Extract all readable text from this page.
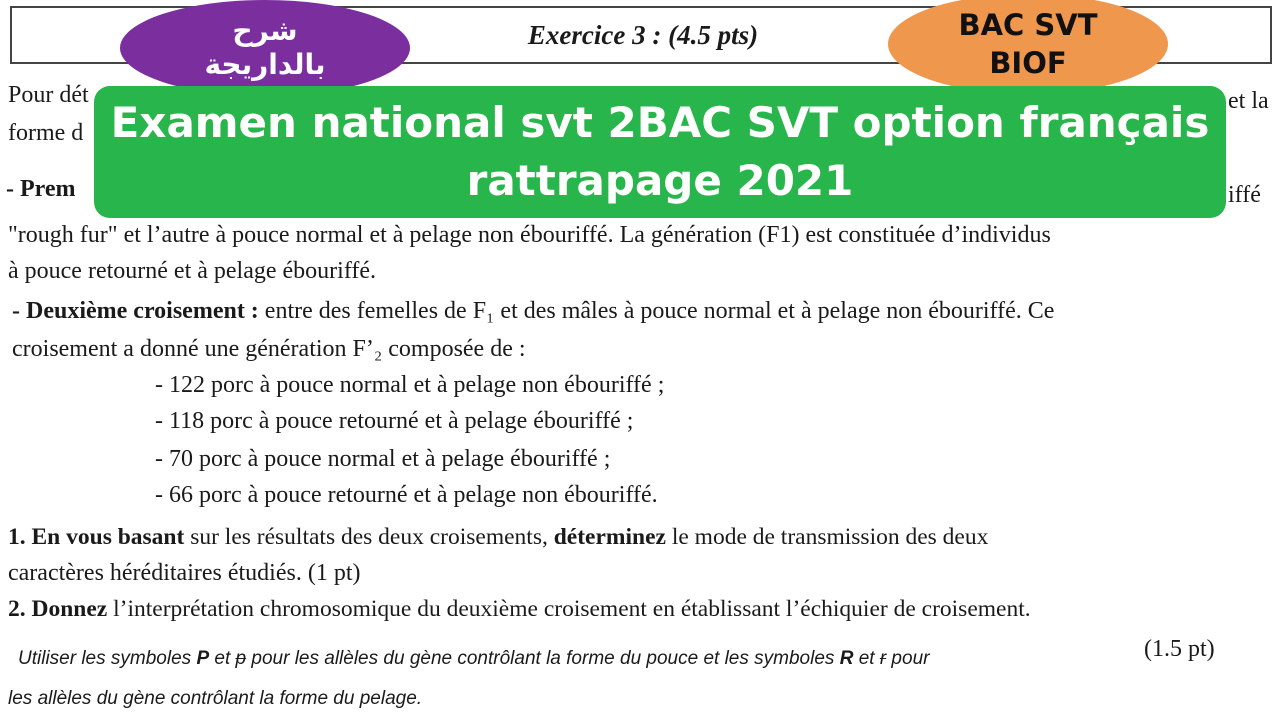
Exercice 3 : (4.5 pts)
Pour dét	et la
forme d
- Prem	iffé
"rough fur" et l’autre à pouce normal et à pelage non ébouriffé. La génération (F1) est constituée d’individus
à pouce retourné et à pelage ébouriffé.
- Deuxième croisement : entre des femelles de F₁ et des mâles à pouce normal et à pelage non ébouriffé. Ce
croisement a donné une génération F’₂ composée de :
- 122 porc à pouce normal et à pelage non ébouriffé ;
- 118 porc à pouce retourné et à pelage ébouriffé ;
- 70 porc à pouce normal et à pelage ébouriffé ;
- 66 porc à pouce retourné et à pelage non ébouriffé.
1. En vous basant sur les résultats des deux croisements, déterminez le mode de transmission des deux
caractères héréditaires étudiés. (1 pt)
2. Donnez l’interprétation chromosomique du deuxième croisement en établissant l’échiquier de croisement.
(1.5 pt)
Utiliser les symboles P et p pour les allèles du gène contrôlant la forme du pouce et les symboles R et r pour
les allèles du gène contrôlant la forme du pelage.
شرح
بالداريجة
BAC SVT
BIOF
Examen national svt 2BAC SVT option français
rattrapage 2021
